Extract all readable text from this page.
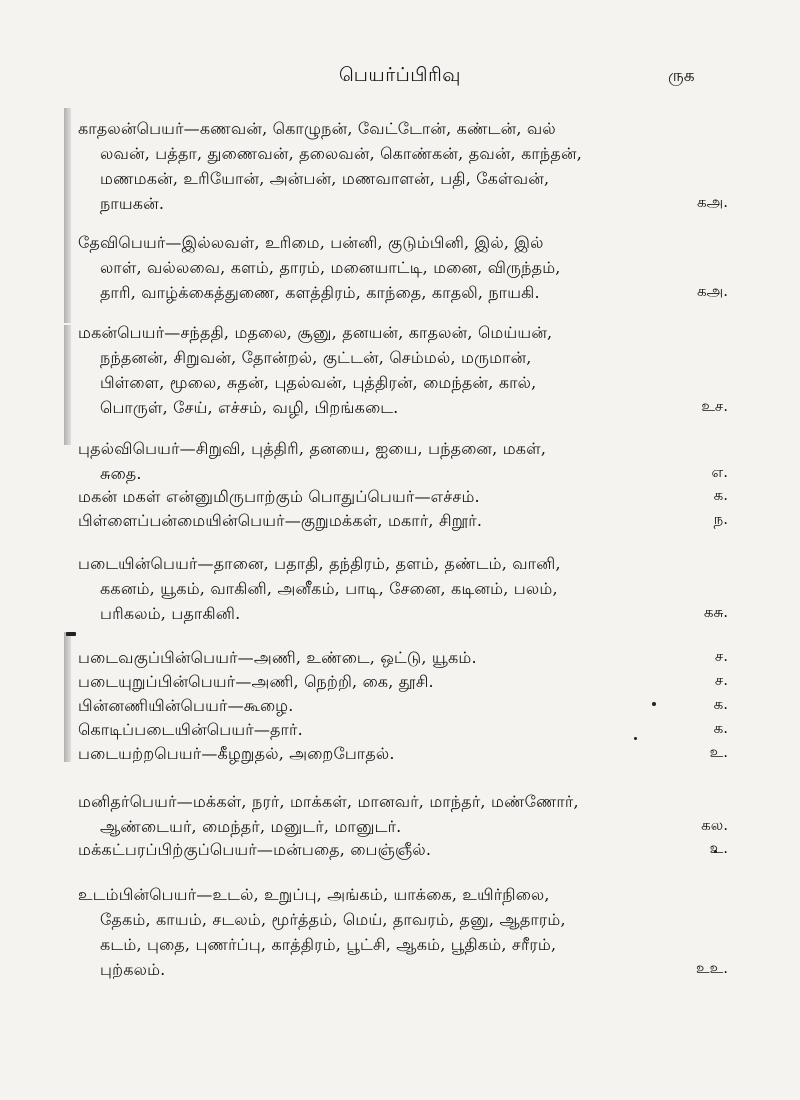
பெயர்ப்பிரிவு	ருக
காதலன்பெயர்—கணவன், கொழுநன், வேட்டோன், கண்டன், வல்
லவன், பத்தா, துணைவன், தலைவன், கொண்கன், தவன், காந்தன்,
மணமகன், உரியோன், அன்பன், மணவாளன், பதி, கேள்வன்,
நாயகன்.	கஅ.
தேவிபெயர்—இல்லவள், உரிமை, பன்னி, குடும்பினி, இல், இல்
லாள், வல்லவை, களம், தாரம், மனையாட்டி, மனை, விருந்தம்,
தாரி, வாழ்க்கைத்துணை, களத்திரம், காந்தை, காதலி, நாயகி.	கஅ.
மகன்பெயர்—சந்ததி, மதலை, சூனு, தனயன், காதலன், மெய்யன்,
நந்தனன், சிறுவன், தோன்றல், குட்டன், செம்மல், மருமான்,
பிள்ளை, மூலை, சுதன், புதல்வன், புத்திரன், மைந்தன், கால்,
பொருள், சேய், எச்சம், வழி, பிறங்கடை.	உச.
புதல்விபெயர்—சிறுவி, புத்திரி, தனயை, ஐயை, பந்தனை, மகள்,
சுதை.	எ.
மகன் மகள் என்னுமிருபாற்கும் பொதுப்பெயர்—எச்சம்.	க.
பிள்ளைப்பன்மையின்பெயர்—குறுமக்கள், மகார், சிறூர்.	ந.
படையின்பெயர்—தானை, பதாதி, தந்திரம், தளம், தண்டம், வானி,
ககனம், யூகம், வாகினி, அனீகம், பாடி, சேனை, கடினம், பலம்,
பரிகலம், பதாகினி.	கசு.
படைவகுப்பின்பெயர்—அணி, உண்டை, ஒட்டு, யூகம்.	ச.
படையுறுப்பின்பெயர்—அணி, நெற்றி, கை, தூசி.	ச.
பின்னணியின்பெயர்—கூழை.	க.
கொடிப்படையின்பெயர்—தார்.	க.
படையற்றபெயர்—கீழறுதல், அறைபோதல்.	உ.
மனிதர்பெயர்—மக்கள், நரர், மாக்கள், மானவர், மாந்தர், மண்ணோர்,
ஆண்டையர், மைந்தர், மனுடர், மானுடர்.	கல.
மக்கட்பரப்பிற்குப்பெயர்—மன்பதை, பைஞ்ஞீல்.	உ.
உடம்பின்பெயர்—உடல், உறுப்பு, அங்கம், யாக்கை, உயிர்நிலை,
தேகம், காயம், சடலம், மூர்த்தம், மெய், தாவரம், தனு, ஆதாரம்,
கடம், புதை, புணர்ப்பு, காத்திரம், பூட்சி, ஆகம், பூதிகம், சரீரம்,
புற்கலம்.	உஉ.
